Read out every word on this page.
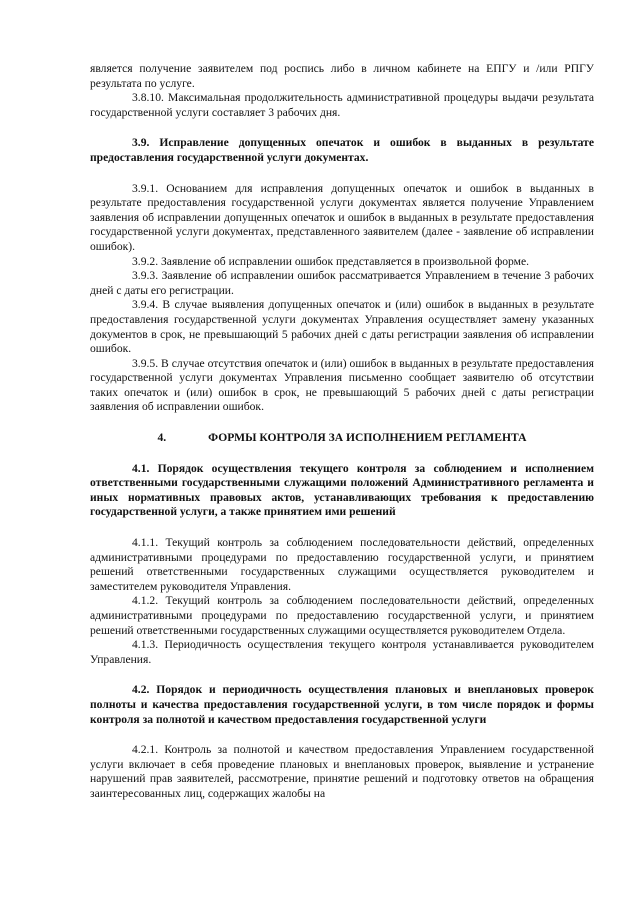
является получение заявителем под роспись либо в личном кабинете на ЕПГУ и /или РПГУ результата по услуге.

3.8.10. Максимальная продолжительность административной процедуры выдачи результата государственной услуги составляет 3 рабочих дня.

3.9. Исправление допущенных опечаток и ошибок в выданных в результате предоставления государственной услуги документах.

3.9.1. Основанием для исправления допущенных опечаток и ошибок в выданных в результате предоставления государственной услуги документах является получение Управлением заявления об исправлении допущенных опечаток и ошибок в выданных в результате предоставления государственной услуги документах, представленного заявителем (далее - заявление об исправлении ошибок).

3.9.2. Заявление об исправлении ошибок представляется в произвольной форме.

3.9.3. Заявление об исправлении ошибок рассматривается Управлением в течение 3 рабочих дней с даты его регистрации.

3.9.4. В случае выявления допущенных опечаток и (или) ошибок в выданных в результате предоставления государственной услуги документах Управления осуществляет замену указанных документов в срок, не превышающий 5 рабочих дней с даты регистрации заявления об исправлении ошибок.

3.9.5. В случае отсутствия опечаток и (или) ошибок в выданных в результате предоставления государственной услуги документах Управления письменно сообщает заявителю об отсутствии таких опечаток и (или) ошибок в срок, не превышающий 5 рабочих дней с даты регистрации заявления об исправлении ошибок.

4.	ФОРМЫ КОНТРОЛЯ ЗА ИСПОЛНЕНИЕМ РЕГЛАМЕНТА

4.1. Порядок осуществления текущего контроля за соблюдением и исполнением ответственными государственными служащими положений Административного регламента и иных нормативных правовых актов, устанавливающих требования к предоставлению государственной услуги, а также принятием ими решений

4.1.1. Текущий контроль за соблюдением последовательности действий, определенных административными процедурами по предоставлению государственной услуги, и принятием решений ответственными государственных служащими осуществляется руководителем и заместителем руководителя Управления.

4.1.2. Текущий контроль за соблюдением последовательности действий, определенных административными процедурами по предоставлению государственной услуги, и принятием решений ответственными государственных служащими осуществляется руководителем Отдела.

4.1.3. Периодичность осуществления текущего контроля устанавливается руководителем Управления.

4.2. Порядок и периодичность осуществления плановых и внеплановых проверок полноты и качества предоставления государственной услуги, в том числе порядок и формы контроля за полнотой и качеством предоставления государственной услуги

4.2.1. Контроль за полнотой и качеством предоставления Управлением государственной услуги включает в себя проведение плановых и внеплановых проверок, выявление и устранение нарушений прав заявителей, рассмотрение, принятие решений и подготовку ответов на обращения заинтересованных лиц, содержащих жалобы на
